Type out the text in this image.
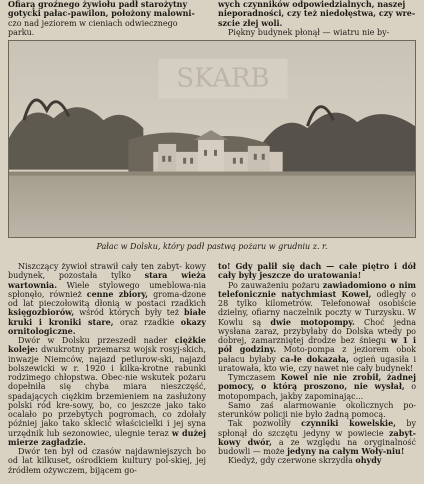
Ofiarą groźnego żywiołu padł starożytny

gotycki pałac-pawilon, położony malowni-

czo nad jeziorem w cieniach odwiecznego

parku.

wych czynników odpowiedzialnych, naszej

nieporadności, czy też niedołęstwa, czy wre-

szcie złej woli.

Piękny budynek płonął — wiatru nie by-

SKARB
Pałac w Dolsku, który padł pastwą pożaru w grudniu z. r.

Niszczący żywioł strawił cały ten zabyt- kowy budynek, pozostała tylko stara wieża wartownia. Wiele stylowego umeblowa-nia spłonęło, również cenne zbiory, groma-dzone od lat pieczołowitą dłonią w postaci rzadkich księgozbiorów, wśród których były też białe kruki i kroniki stare, oraz rzadkie okazy ornitologiczne.

Dwór w Dolsku przeszedł nader ciężkie koleje: dwukrotny przemarsz wojsk rosyj-skich, inwazje Niemców, najazd petlurow-ski, najazd bolszewicki w r. 1920 i kilka-krotne rabunki rodzimego chłopstwa. Obec-nie wskutek pożaru dopełniła się chyba miara nieszczęść, spadających ciężkim brzemieniem na zasłużony polski ród kre-sowy, bo, co jeszcze jako tako ocalało po przebytych pogromach, co zdołały później jako tako sklecić właścicielki i jej syna urzędnik lub sezonowiec, ulegnie teraz w dużej mierze zagładzie.

Dwór ten był od czasów najdawniejszych bo od lat kilkuset, ośrodkiem kultury pol-skiej, jej źródłem ożywczem, bijącem go-

to! Gdy palił się dach — całe piętro i dół cały były jeszcze do uratowania!

Po zauważeniu pożaru zawiadomiono o nim telefonicznie natychmiast Kowel, odległy o 28 tylko kilometrów. Telefonował osobiście dzielny, ofiarny naczelnik poczty w Turzysku. W Kowlu są dwie motopompy. Choć jedna wysłana zaraz, przybyłaby do Dolska wtedy po dobrej, zamarzniętej drodze bez śniegu w 1 i pół godziny. Moto-pompa z jeziorem obok pałacu byłaby ca-łe dokazała, ogień ugasiła i uratowała, kto wie, czy nawet nie cały budynek!

Tymczasem Kowel nie nie zrobił, żadnej pomocy, o którą proszono, nie wysłał, o motopompach, jakby zapominając...

Samo zaś alarmowanie okolicznych po-sterunków policji nie było żadną pomocą.

Tak pozwoliły czynniki kowelskie, by spłonął do szczętu jedyny w powiecie zabyt-kowy dwór, a ze względu na oryginalność budowli — może jedyny na całym Woły-niu!

Kiedyż, gdy czerwone skrzydła ohydy
